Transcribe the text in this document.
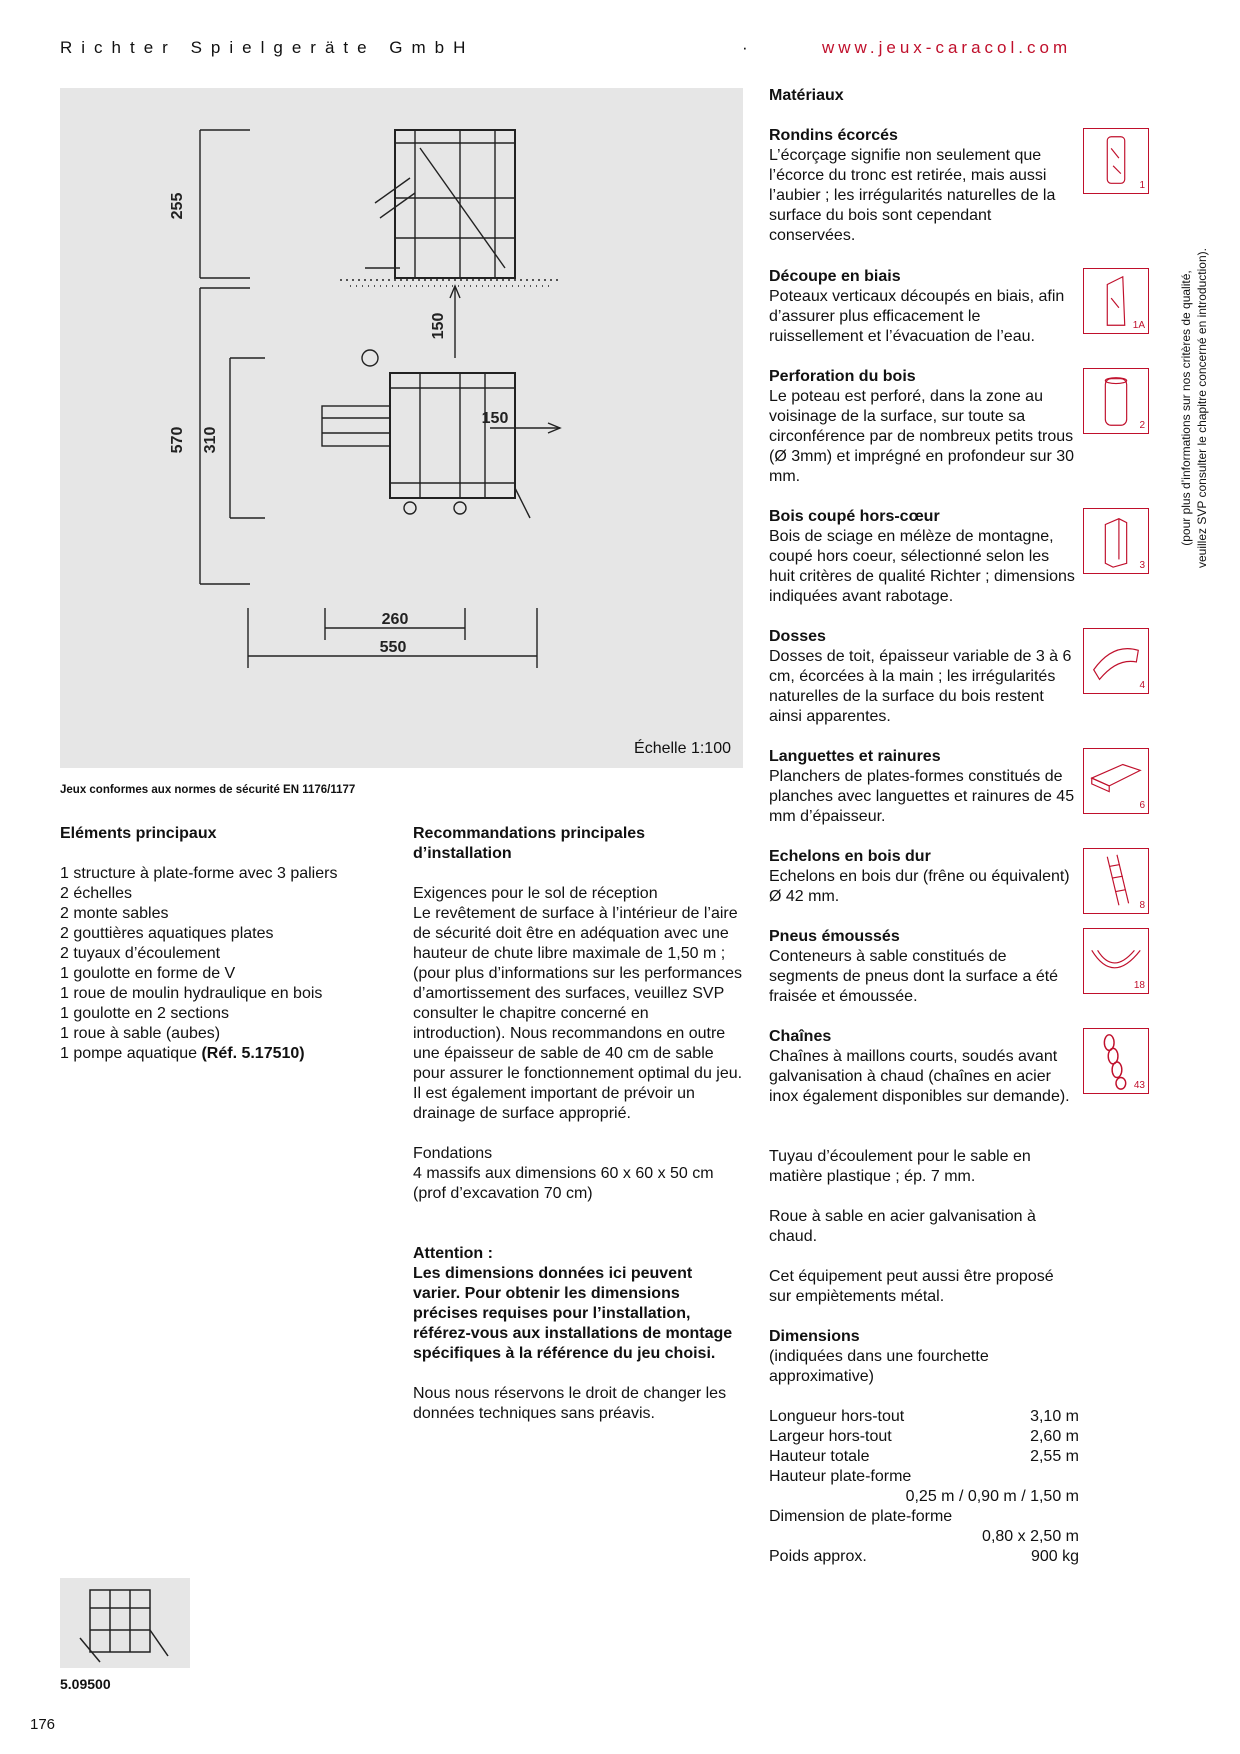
Richter Spielgeräte GmbH	·	www.jeux-caracol.com
255
570 310
150
150
260
550
Échelle 1:100
Jeux conformes aux normes de sécurité EN 1176/1177
Eléments principaux
1 structure à plate-forme avec 3 paliers
2 échelles
2 monte sables
2 gouttières aquatiques plates
2 tuyaux d’écoulement
1 goulotte en forme de V
1 roue de moulin hydraulique en bois
1 goulotte en 2 sections
1 roue à sable (aubes)
1 pompe aquatique (Réf. 5.17510)
Recommandations principales
d’installation
Exigences pour le sol de réception
Le revêtement de surface à l’intérieur de l’aire de sécurité doit être en adéquation avec une hauteur de chute libre maximale de 1,50 m ; (pour plus d’informations sur les performances d’amortissement des surfaces, veuillez SVP consulter le chapitre concerné en introduction). Nous recommandons en outre une épaisseur de sable de 40 cm de sable pour assurer le fonctionnement optimal du jeu. Il est également important de prévoir un drainage de surface approprié.
Fondations
4 massifs aux dimensions 60 x 60 x 50 cm (prof d’excavation 70 cm)
Attention :
Les dimensions données ici peuvent varier. Pour obtenir les dimensions précises requises pour l’installation, référez-vous aux installations de montage spécifiques à la référence du jeu choisi.
Nous nous réservons le droit de changer les données techniques sans préavis.
Matériaux
Rondins écorcés
L’écorçage signifie non seulement que l’écorce du tronc est retirée, mais aussi l’aubier ; les irrégularités naturelles de la surface du bois sont cependant conservées.
Découpe en biais
Poteaux verticaux découpés en biais, afin d’assurer plus efficacement le ruissellement et l’évacuation de l’eau.
Perforation du bois
Le poteau est perforé, dans la zone au voisinage de la surface, sur toute sa circonférence par de nombreux petits trous (Ø 3mm) et imprégné en profondeur sur 30 mm.
Bois coupé hors-cœur
Bois de sciage en mélèze de montagne, coupé hors coeur, sélectionné selon les huit critères de qualité Richter ; dimensions indiquées avant rabotage.
Dosses
Dosses de toit, épaisseur variable de 3 à 6 cm, écorcées à la main ; les irrégularités naturelles de la surface du bois restent ainsi apparentes.
Languettes et rainures
Planchers de plates-formes constitués de planches avec languettes et rainures de 45 mm d’épaisseur.
Echelons en bois dur
Echelons en bois dur (frêne ou équivalent) Ø 42 mm.
Pneus émoussés
Conteneurs à sable constitués de segments de pneus dont la surface a été fraisée et émoussée.
Chaînes
Chaînes à maillons courts, soudés avant galvanisation à chaud (chaînes en acier inox également disponibles sur demande).
Tuyau d’écoulement pour le sable en matière plastique ; ép. 7 mm.
Roue à sable en acier galvanisation à chaud.
Cet équipement peut aussi être proposé sur empiètements métal.
Dimensions
(indiquées dans une fourchette approximative)
Longueur hors-tout	3,10 m
Largeur hors-tout	2,60 m
Hauteur totale	2,55 m
Hauteur plate-forme
0,25 m / 0,90 m / 1,50 m
Dimension de plate-forme
0,80 x 2,50 m
Poids approx.	900 kg
1
1A
2
3
4
6
8
18
43
(pour plus d’informations sur nos critères de qualité, veuillez SVP consulter le chapitre concerné en introduction).
5.09500
176
